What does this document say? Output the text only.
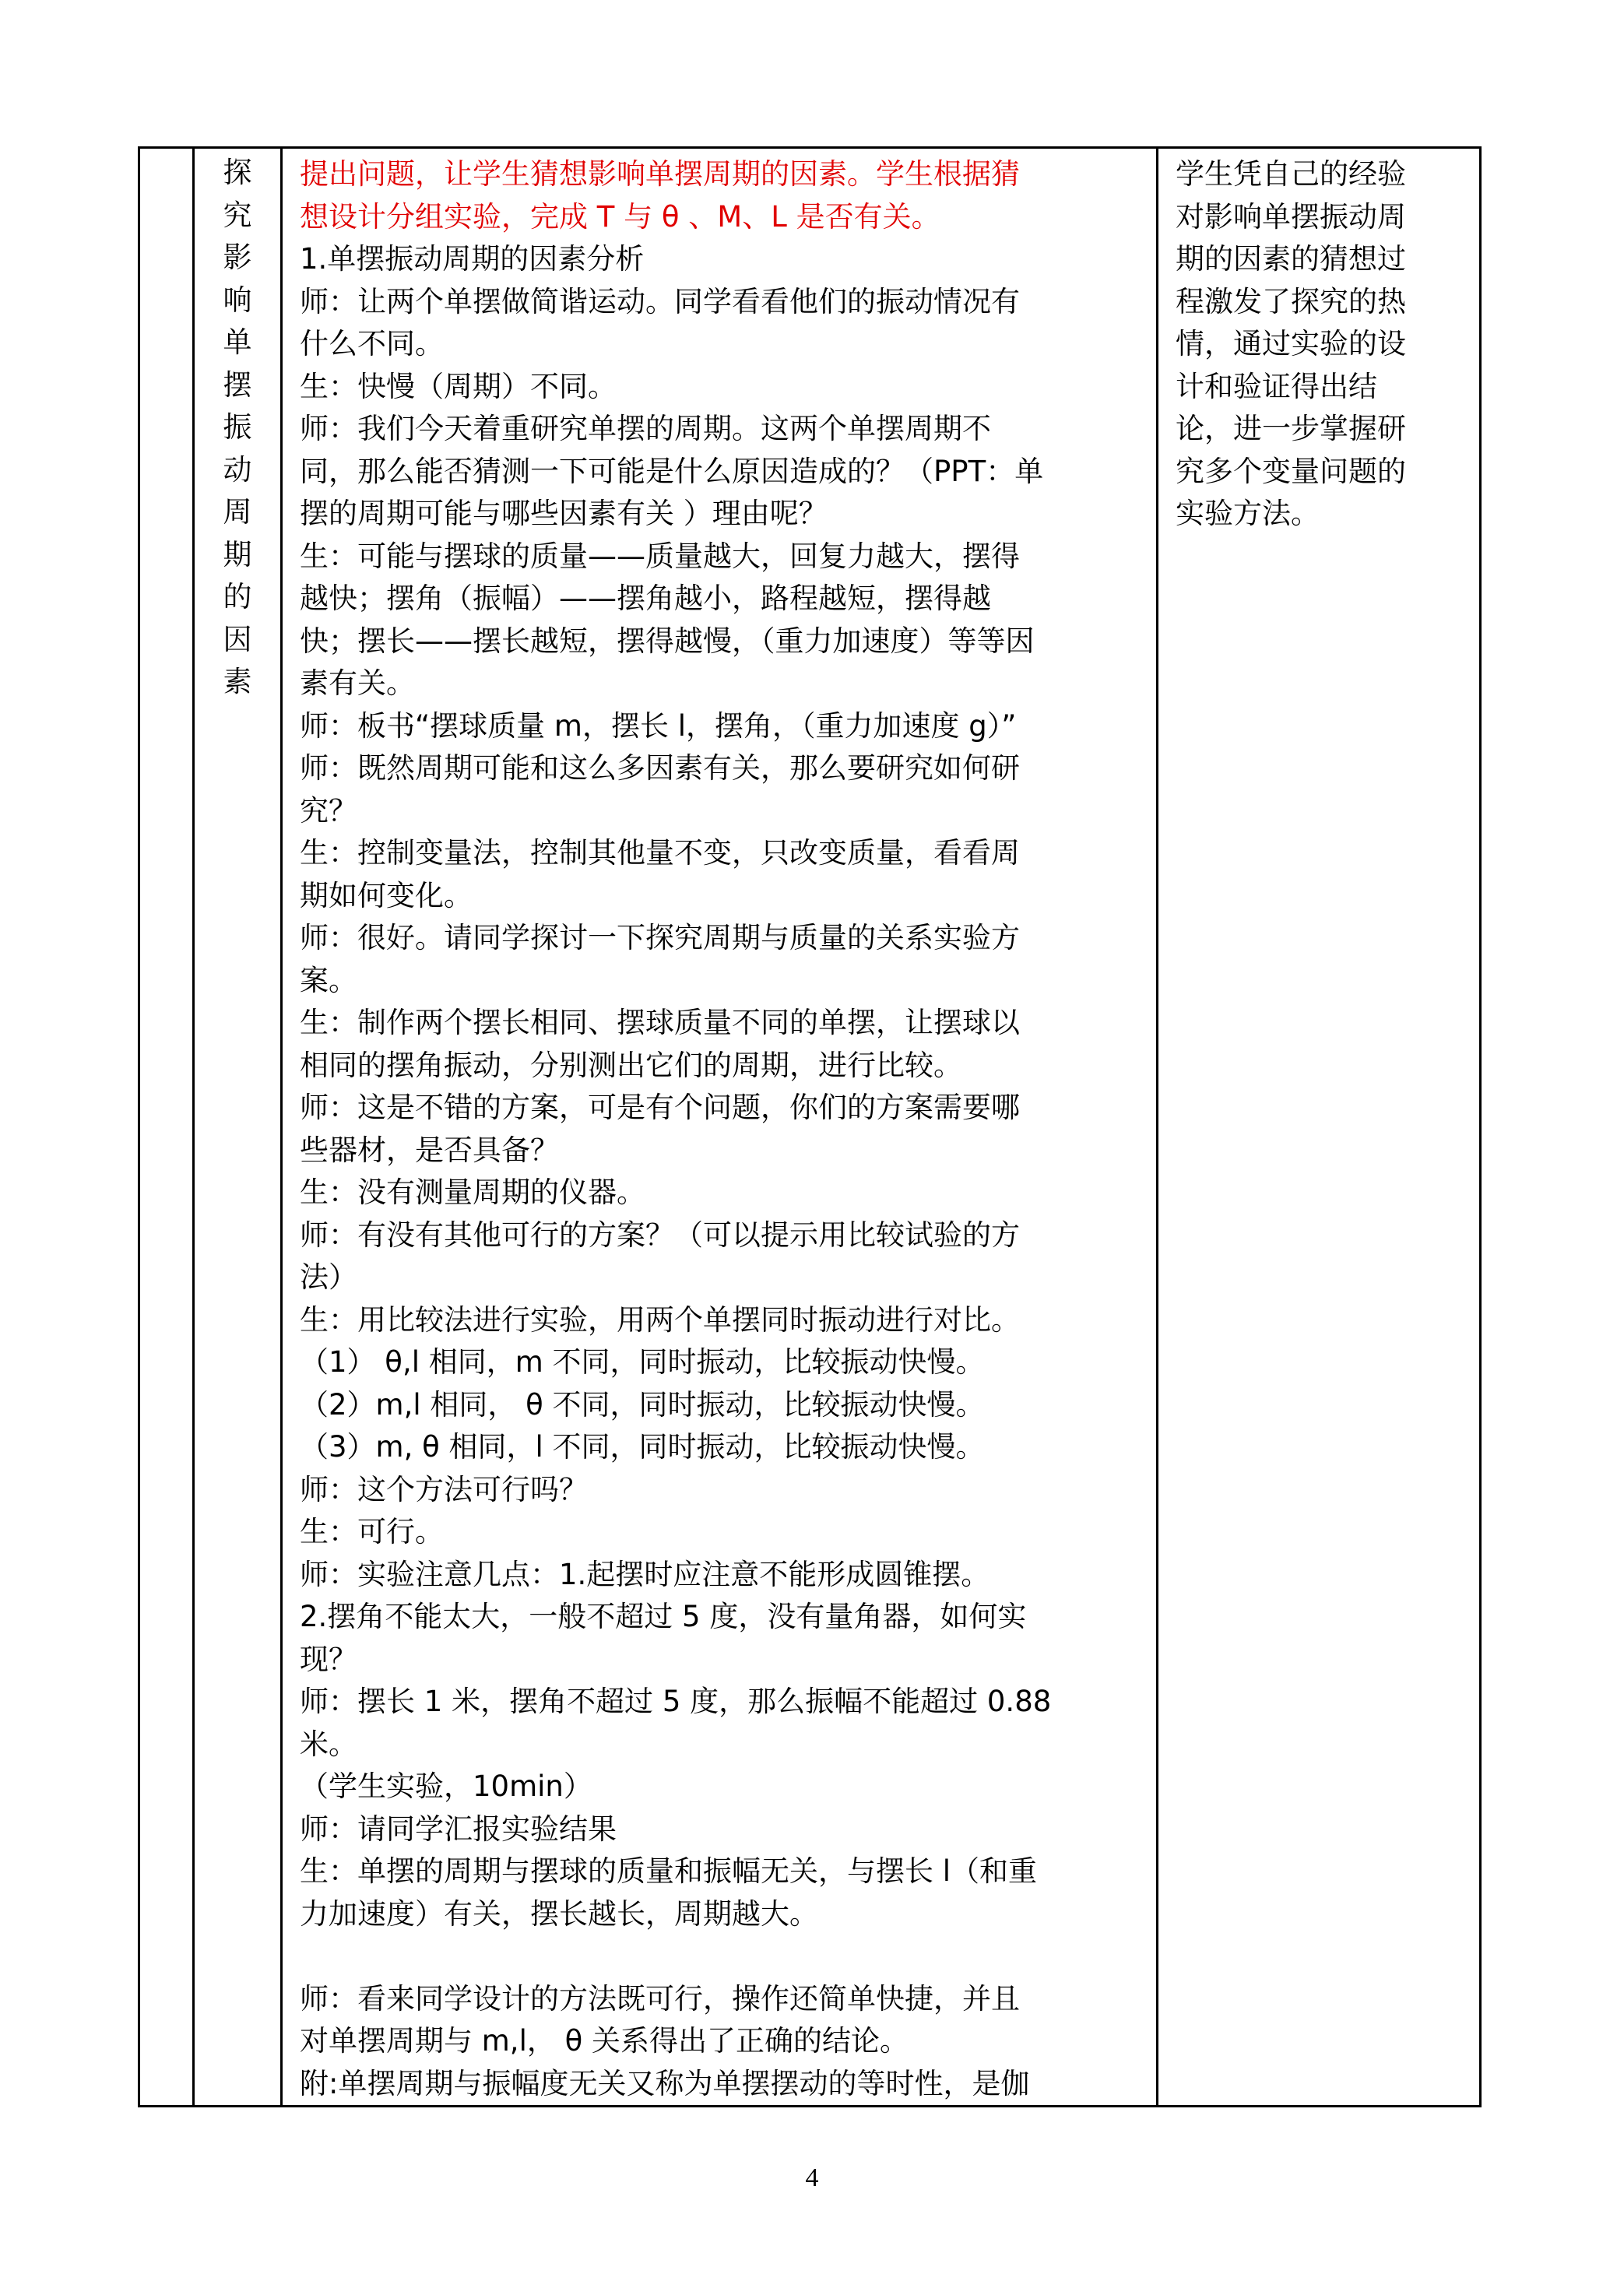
探
究
影
响
单
摆
振
动
周
期
的
因
素

提出问题，让学生猜想影响单摆周期的因素。学生根据猜
想设计分组实验，完成 T 与 θ 、M、L 是否有关。
1.单摆振动周期的因素分析
师：让两个单摆做简谐运动。同学看看他们的振动情况有
什么不同。
生：快慢（周期）不同。
师：我们今天着重研究单摆的周期。这两个单摆周期不
同，那么能否猜测一下可能是什么原因造成的？（PPT：单
摆的周期可能与哪些因素有关 ）理由呢？
生：可能与摆球的质量——质量越大，回复力越大，摆得
越快；摆角（振幅）——摆角越小，路程越短，摆得越
快；摆长——摆长越短，摆得越慢，（重力加速度）等等因
素有关。
师：板书“摆球质量 m，摆长 l，摆角，（重力加速度 g）”
师：既然周期可能和这么多因素有关，那么要研究如何研
究？
生：控制变量法，控制其他量不变，只改变质量，看看周
期如何变化。
师：很好。请同学探讨一下探究周期与质量的关系实验方
案。
生：制作两个摆长相同、摆球质量不同的单摆，让摆球以
相同的摆角振动，分别测出它们的周期，进行比较。
师：这是不错的方案，可是有个问题，你们的方案需要哪
些器材，是否具备？
生：没有测量周期的仪器。
师：有没有其他可行的方案？（可以提示用比较试验的方
法）
生：用比较法进行实验，用两个单摆同时振动进行对比。
（1） θ,l 相同，m 不同，同时振动，比较振动快慢。
（2）m,l 相同， θ 不同，同时振动，比较振动快慢。
（3）m, θ 相同，l 不同，同时振动，比较振动快慢。
师：这个方法可行吗？
生：可行。
师：实验注意几点：1.起摆时应注意不能形成圆锥摆。
2.摆角不能太大，一般不超过 5 度，没有量角器，如何实
现？
师：摆长 1 米，摆角不超过 5 度，那么振幅不能超过 0.88
米。
（学生实验，10min）
师：请同学汇报实验结果
生：单摆的周期与摆球的质量和振幅无关，与摆长 l（和重
力加速度）有关，摆长越长，周期越大。
师：看来同学设计的方法既可行，操作还简单快捷，并且
对单摆周期与 m,l， θ 关系得出了正确的结论。
附:单摆周期与振幅度无关又称为单摆摆动的等时性，是伽

学生凭自己的经验
对影响单摆振动周
期的因素的猜想过
程激发了探究的热
情，通过实验的设
计和验证得出结
论，进一步掌握研
究多个变量问题的
实验方法。
4
